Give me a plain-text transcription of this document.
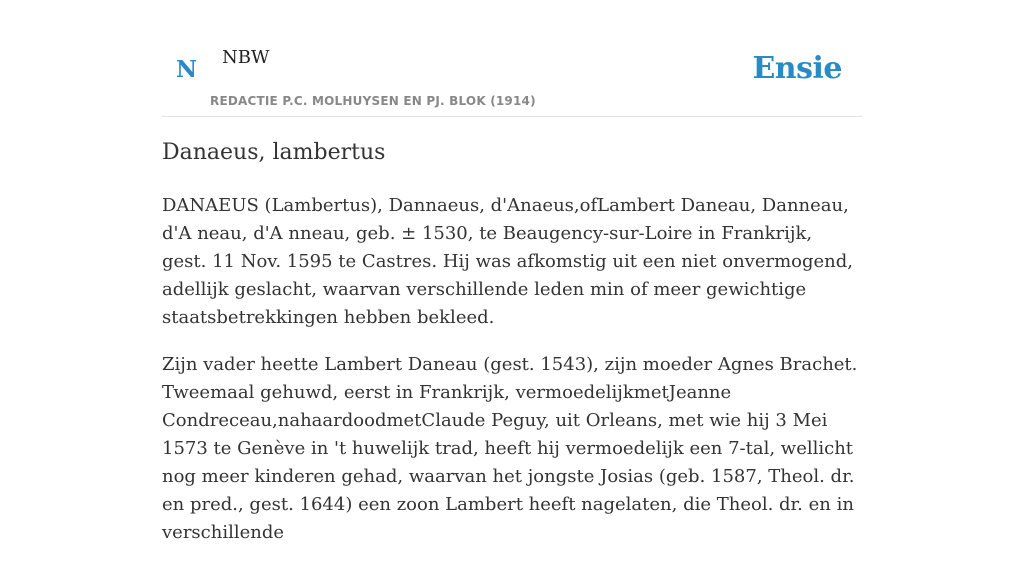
N NBW
REDACTIE P.C. MOLHUYSEN EN PJ. BLOK (1914)
Ensie
Danaeus, lambertus

DANAEUS (Lambertus), Dannaeus, d'Anaeus,ofLambert Daneau, Danneau, d'A neau, d'A nneau, geb. ± 1530, te Beaugency-sur-Loire in Frankrijk, gest. 11 Nov. 1595 te Castres. Hij was afkomstig uit een niet onvermogend, adellijk geslacht, waarvan verschillende leden min of meer gewichtige staatsbetrekkingen hebben bekleed.

Zijn vader heette Lambert Daneau (gest. 1543), zijn moeder Agnes Brachet. Tweemaal gehuwd, eerst in Frankrijk, vermoedelijkmetJeanne Condreceau,nahaardoodmetClaude Peguy, uit Orleans, met wie hij 3 Mei 1573 te Genève in 't huwelijk trad, heeft hij vermoedelijk een 7-tal, wellicht nog meer kinderen gehad, waarvan het jongste Josias (geb. 1587, Theol. dr. en pred., gest. 1644) een zoon Lambert heeft nagelaten, die Theol. dr. en in verschillende
